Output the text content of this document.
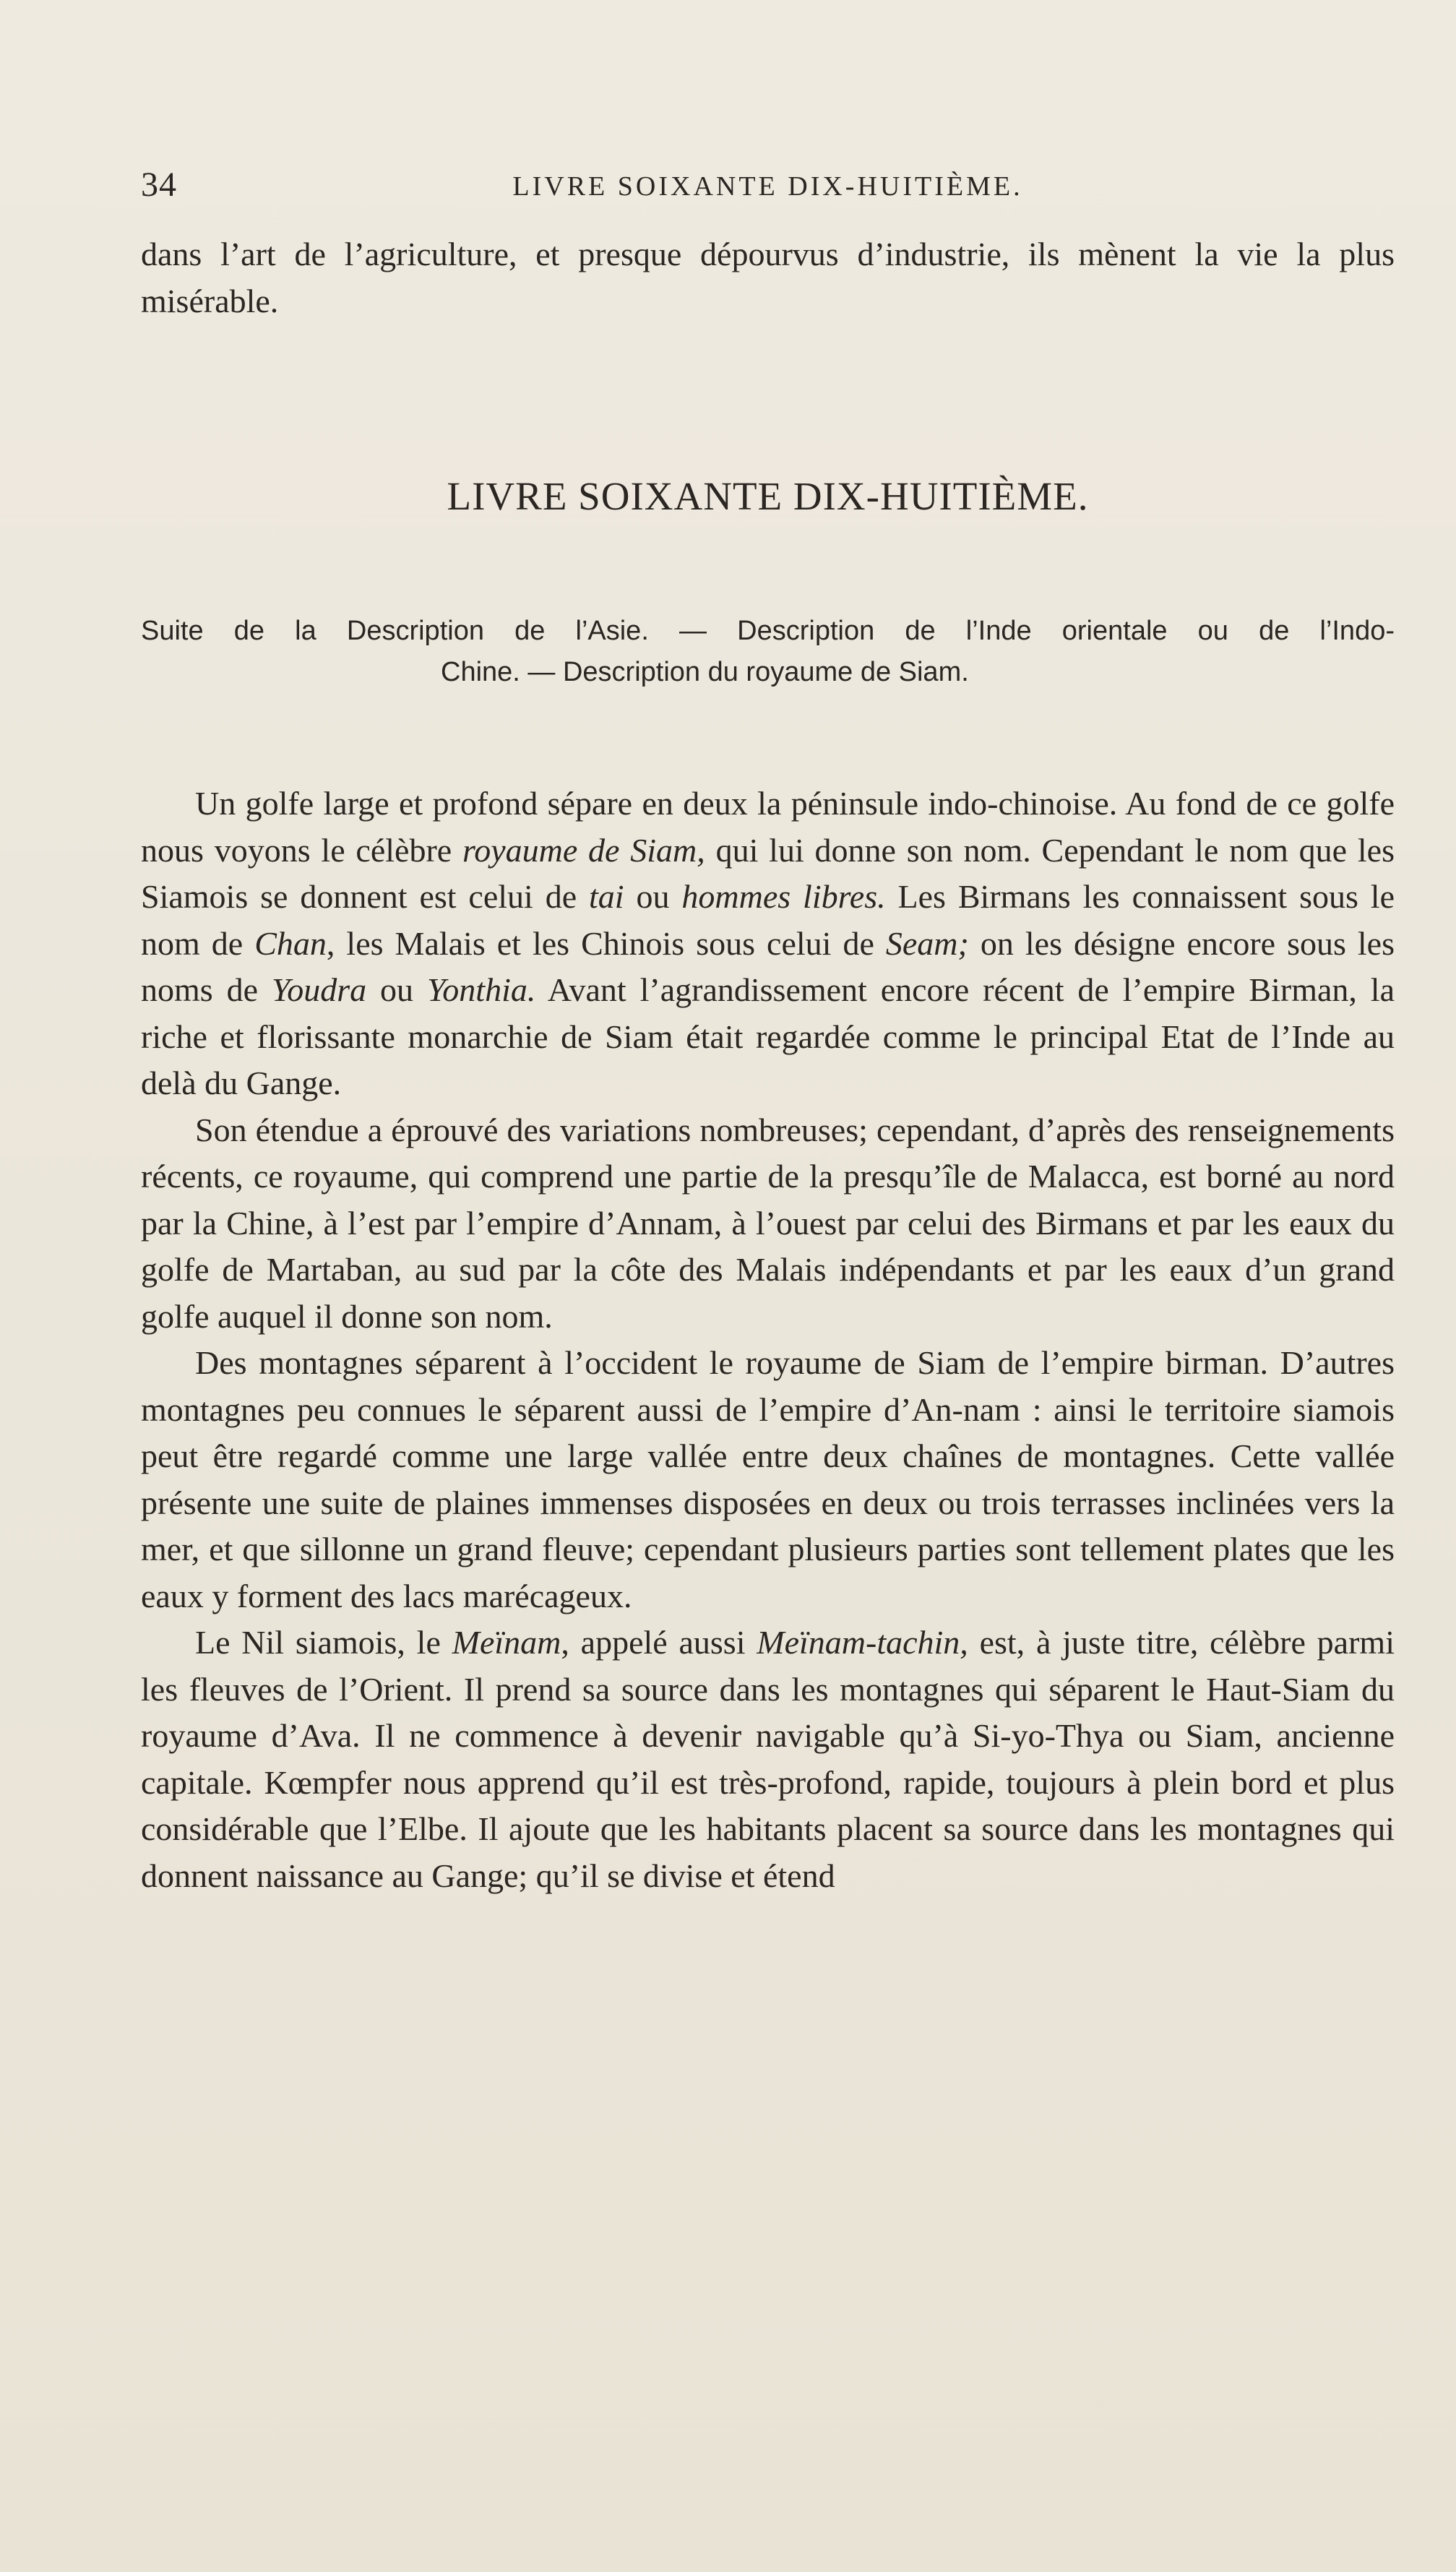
34	LIVRE SOIXANTE DIX-HUITIÈME.

dans l’art de l’agriculture, et presque dépourvus d’industrie, ils mènent la vie la plus misérable.

LIVRE SOIXANTE DIX-HUITIÈME.
Suite de la Description de l’Asie. — Description de l’Inde orientale ou de l’Indo-
Chine. — Description du royaume de Siam.

Un golfe large et profond sépare en deux la péninsule indo-chinoise. Au fond de ce golfe nous voyons le célèbre royaume de Siam, qui lui donne son nom. Cependant le nom que les Siamois se donnent est celui de tai ou hommes libres. Les Birmans les connaissent sous le nom de Chan, les Malais et les Chinois sous celui de Seam; on les désigne encore sous les noms de Youdra ou Yonthia. Avant l’agrandissement encore récent de l’empire Birman, la riche et florissante monarchie de Siam était regardée comme le principal Etat de l’Inde au delà du Gange.

Son étendue a éprouvé des variations nombreuses; cependant, d’après des renseignements récents, ce royaume, qui comprend une partie de la presqu’île de Malacca, est borné au nord par la Chine, à l’est par l’empire d’Annam, à l’ouest par celui des Birmans et par les eaux du golfe de Martaban, au sud par la côte des Malais indépendants et par les eaux d’un grand golfe auquel il donne son nom.

Des montagnes séparent à l’occident le royaume de Siam de l’empire birman. D’autres montagnes peu connues le séparent aussi de l’empire d’An-nam : ainsi le territoire siamois peut être regardé comme une large vallée entre deux chaînes de montagnes. Cette vallée présente une suite de plaines immenses disposées en deux ou trois terrasses inclinées vers la mer, et que sillonne un grand fleuve; cependant plusieurs parties sont tellement plates que les eaux y forment des lacs marécageux.

Le Nil siamois, le Meïnam, appelé aussi Meïnam-tachin, est, à juste titre, célèbre parmi les fleuves de l’Orient. Il prend sa source dans les montagnes qui séparent le Haut-Siam du royaume d’Ava. Il ne commence à devenir navigable qu’à Si-yo-Thya ou Siam, ancienne capitale. Kœmpfer nous apprend qu’il est très-profond, rapide, toujours à plein bord et plus considérable que l’Elbe. Il ajoute que les habitants placent sa source dans les montagnes qui donnent naissance au Gange; qu’il se divise et étend
